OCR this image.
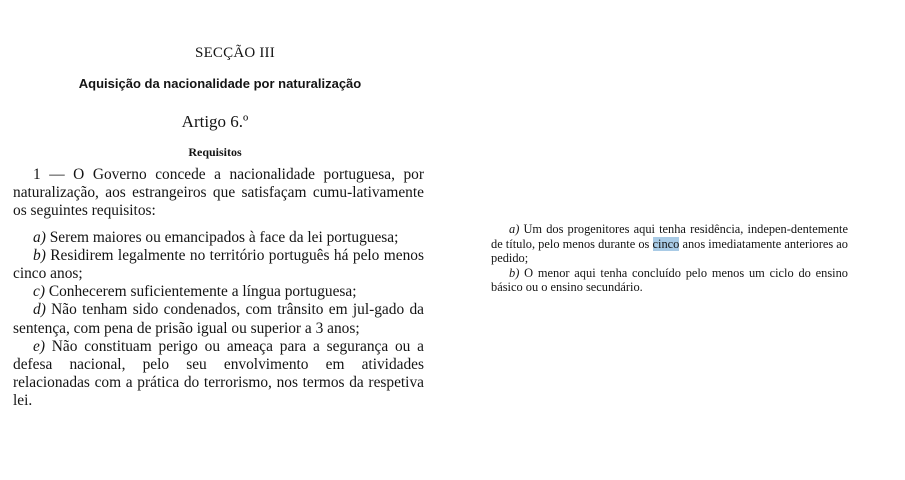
SECÇÃO III
Aquisição da nacionalidade por naturalização
Artigo 6.º
Requisitos

1 — O Governo concede a nacionalidade portuguesa, por naturalização, aos estrangeiros que satisfaçam cumu-lativamente os seguintes requisitos:

a) Serem maiores ou emancipados à face da lei portuguesa;

b) Residirem legalmente no território português há pelo menos cinco anos;

c) Conhecerem suficientemente a língua portuguesa;

d) Não tenham sido condenados, com trânsito em jul-gado da sentença, com pena de prisão igual ou superior a 3 anos;

e) Não constituam perigo ou ameaça para a segurança ou a defesa nacional, pelo seu envolvimento em atividades relacionadas com a prática do terrorismo, nos termos da respetiva lei.

a) Um dos progenitores aqui tenha residência, indepen-dentemente de título, pelo menos durante os cinco anos imediatamente anteriores ao pedido;

b) O menor aqui tenha concluído pelo menos um ciclo do ensino básico ou o ensino secundário.
